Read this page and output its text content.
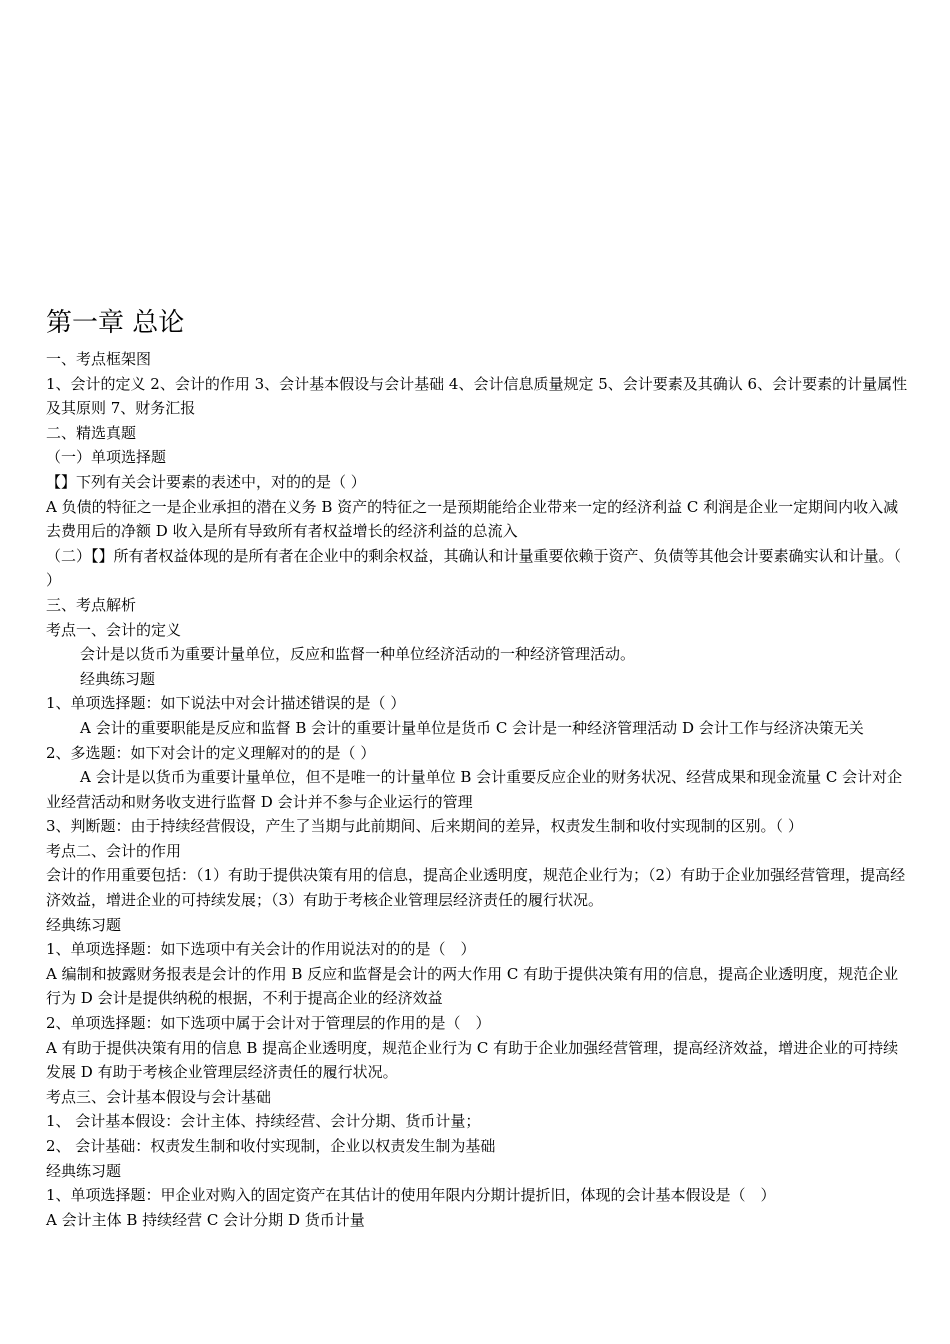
第一章 总论

一、考点框架图

1、会计的定义 2、会计的作用 3、会计基本假设与会计基础 4、会计信息质量规定 5、会计要素及其确认 6、会计要素的计量属性及其原则 7、财务汇报

二、精选真题

（一）单项选择题

【】下列有关会计要素的表述中，对的的是（ ）

A 负债的特征之一是企业承担的潜在义务 B 资产的特征之一是预期能给企业带来一定的经济利益 C 利润是企业一定期间内收入减去费用后的净额 D 收入是所有导致所有者权益增长的经济利益的总流入

（二）【】所有者权益体现的是所有者在企业中的剩余权益，其确认和计量重要依赖于资产、负债等其他会计要素确实认和计量。（ ）

三、考点解析

考点一、会计的定义

会计是以货币为重要计量单位，反应和监督一种单位经济活动的一种经济管理活动。

经典练习题

1、单项选择题：如下说法中对会计描述错误的是（ ）

A 会计的重要职能是反应和监督 B 会计的重要计量单位是货币 C 会计是一种经济管理活动 D 会计工作与经济决策无关

2、多选题：如下对会计的定义理解对的的是（ ）

A 会计是以货币为重要计量单位，但不是唯一的计量单位 B 会计重要反应企业的财务状况、经营成果和现金流量 C 会计对企业经营活动和财务收支进行监督 D 会计并不参与企业运行的管理

3、判断题：由于持续经营假设，产生了当期与此前期间、后来期间的差异，权责发生制和收付实现制的区别。（ ）

考点二、会计的作用

会计的作用重要包括：（1）有助于提供决策有用的信息，提高企业透明度，规范企业行为；（2）有助于企业加强经营管理，提高经济效益，增进企业的可持续发展；（3）有助于考核企业管理层经济责任的履行状况。

经典练习题

1、单项选择题：如下选项中有关会计的作用说法对的的是（　）

A 编制和披露财务报表是会计的作用 B 反应和监督是会计的两大作用 C 有助于提供决策有用的信息，提高企业透明度，规范企业行为 D 会计是提供纳税的根据，不利于提高企业的经济效益

2、单项选择题：如下选项中属于会计对于管理层的作用的是（　）

A 有助于提供决策有用的信息 B 提高企业透明度，规范企业行为 C 有助于企业加强经营管理，提高经济效益，增进企业的可持续发展 D 有助于考核企业管理层经济责任的履行状况。

考点三、会计基本假设与会计基础

1、 会计基本假设：会计主体、持续经营、会计分期、货币计量；

2、 会计基础：权责发生制和收付实现制，企业以权责发生制为基础

经典练习题

1、单项选择题：甲企业对购入的固定资产在其估计的使用年限内分期计提折旧，体现的会计基本假设是（　）

A 会计主体 B 持续经营 C 会计分期 D 货币计量
